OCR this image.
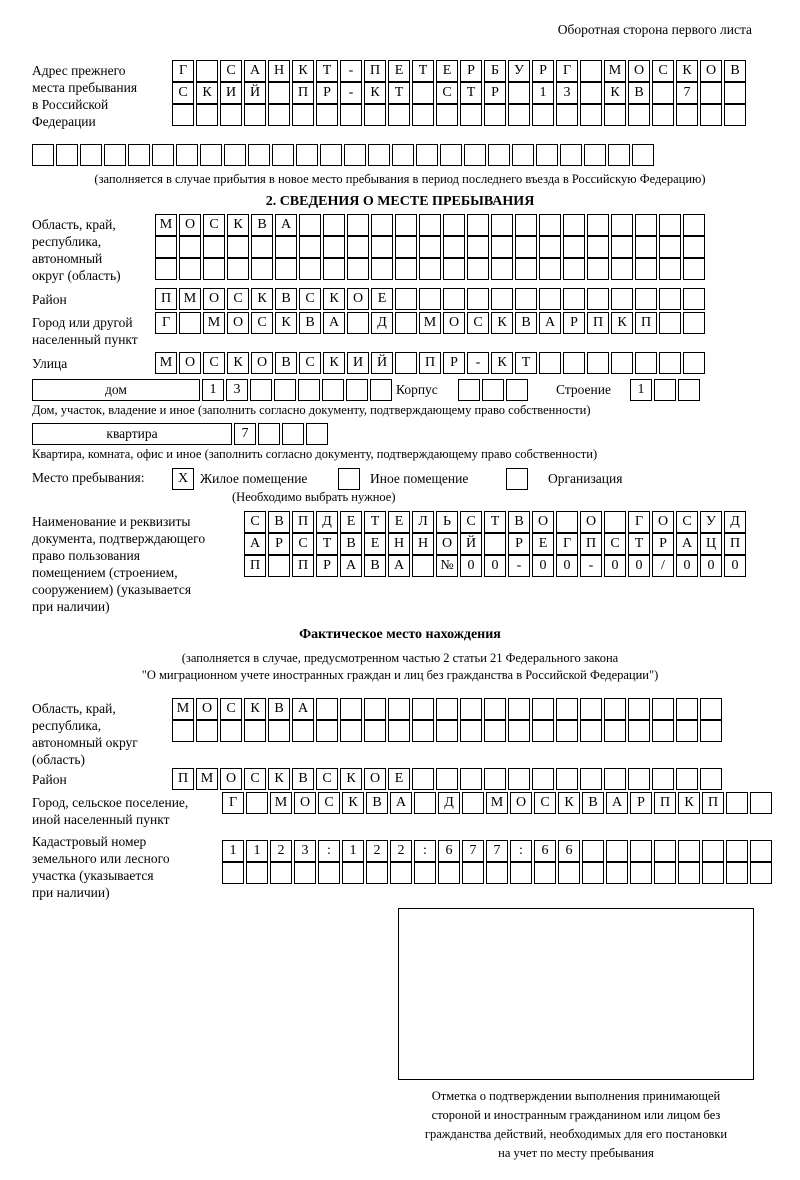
Оборотная сторона первого листа
Адрес прежнего
места пребывания
в Российской
Федерации
Г	С	А Н	К	Т	-	П	Е	Т	Е	Р	Б	У	Р	Г	М О	С	К	О	В
С	К	И Й	П	Р	-	К	Т	С	Т	Р	1	3	К	В	7
(заполняется в случае прибытия в новое место пребывания в период последнего въезда в Российскую Федерацию)
2. СВЕДЕНИЯ О МЕСТЕ ПРЕБЫВАНИЯ
Область, край,
республика,
автономный
округ (область)
М О	С	К	В	А
Район	П М О	С	К	В	С	К	О	Е
Город или другой
населенный пункт
Г	М О	С	К	В	А	Д	М О	С	К	В	А	Р	П	К	П
Улица	М О	С	К	О	В	С	К	И Й	П	Р	-	К	Т
дом	1	3	Корпус	Строение	1
Дом, участок, владение и иное (заполнить согласно документу, подтверждающему право собственности)
квартира	7
Квартира, комната, офис и иное (заполнить согласно документу, подтверждающему право собственности)
Место пребывания:	Х Жилое помещение	Иное помещение	Организация
(Необходимо выбрать нужное)
Наименование и реквизиты
документа, подтверждающего
право пользования
помещением (строением,
сооружением) (указывается
при наличии)
С	В	П	Д	Е	Т	Е	Л	Ь	С	Т	В	О	О	Г	О	С	У	Д
А	Р	С	Т	В	Е	Н Н О Й	Р	Е	Г	П	С	Т	Р	А Ц П
П	П	Р	А	В	А	№ 0	0	-	0	0	-	0	0	/	0	0	0
Фактическое место нахождения
(заполняется в случае, предусмотренном частью 2 статьи 21 Федерального закона
"О миграционном учете иностранных граждан и лиц без гражданства в Российской Федерации")
Область, край,
республика,
автономный округ
(область)
М О	С	К	В	А
Район	П М О	С	К	В	С	К	О	Е
Город, сельское поселение,
иной населенный пункт
Г	М О	С	К	В	А	Д	М О	С	К	В	А	Р	П	К	П
Кадастровый номер
земельного или лесного
участка (указывается
при наличии)
1	1	2	3	:	1	2	2	:	6	7	7	:	6	6
Отметка о подтверждении выполнения принимающей
стороной и иностранным гражданином или лицом без
гражданства действий, необходимых для его постановки
на учет по месту пребывания
